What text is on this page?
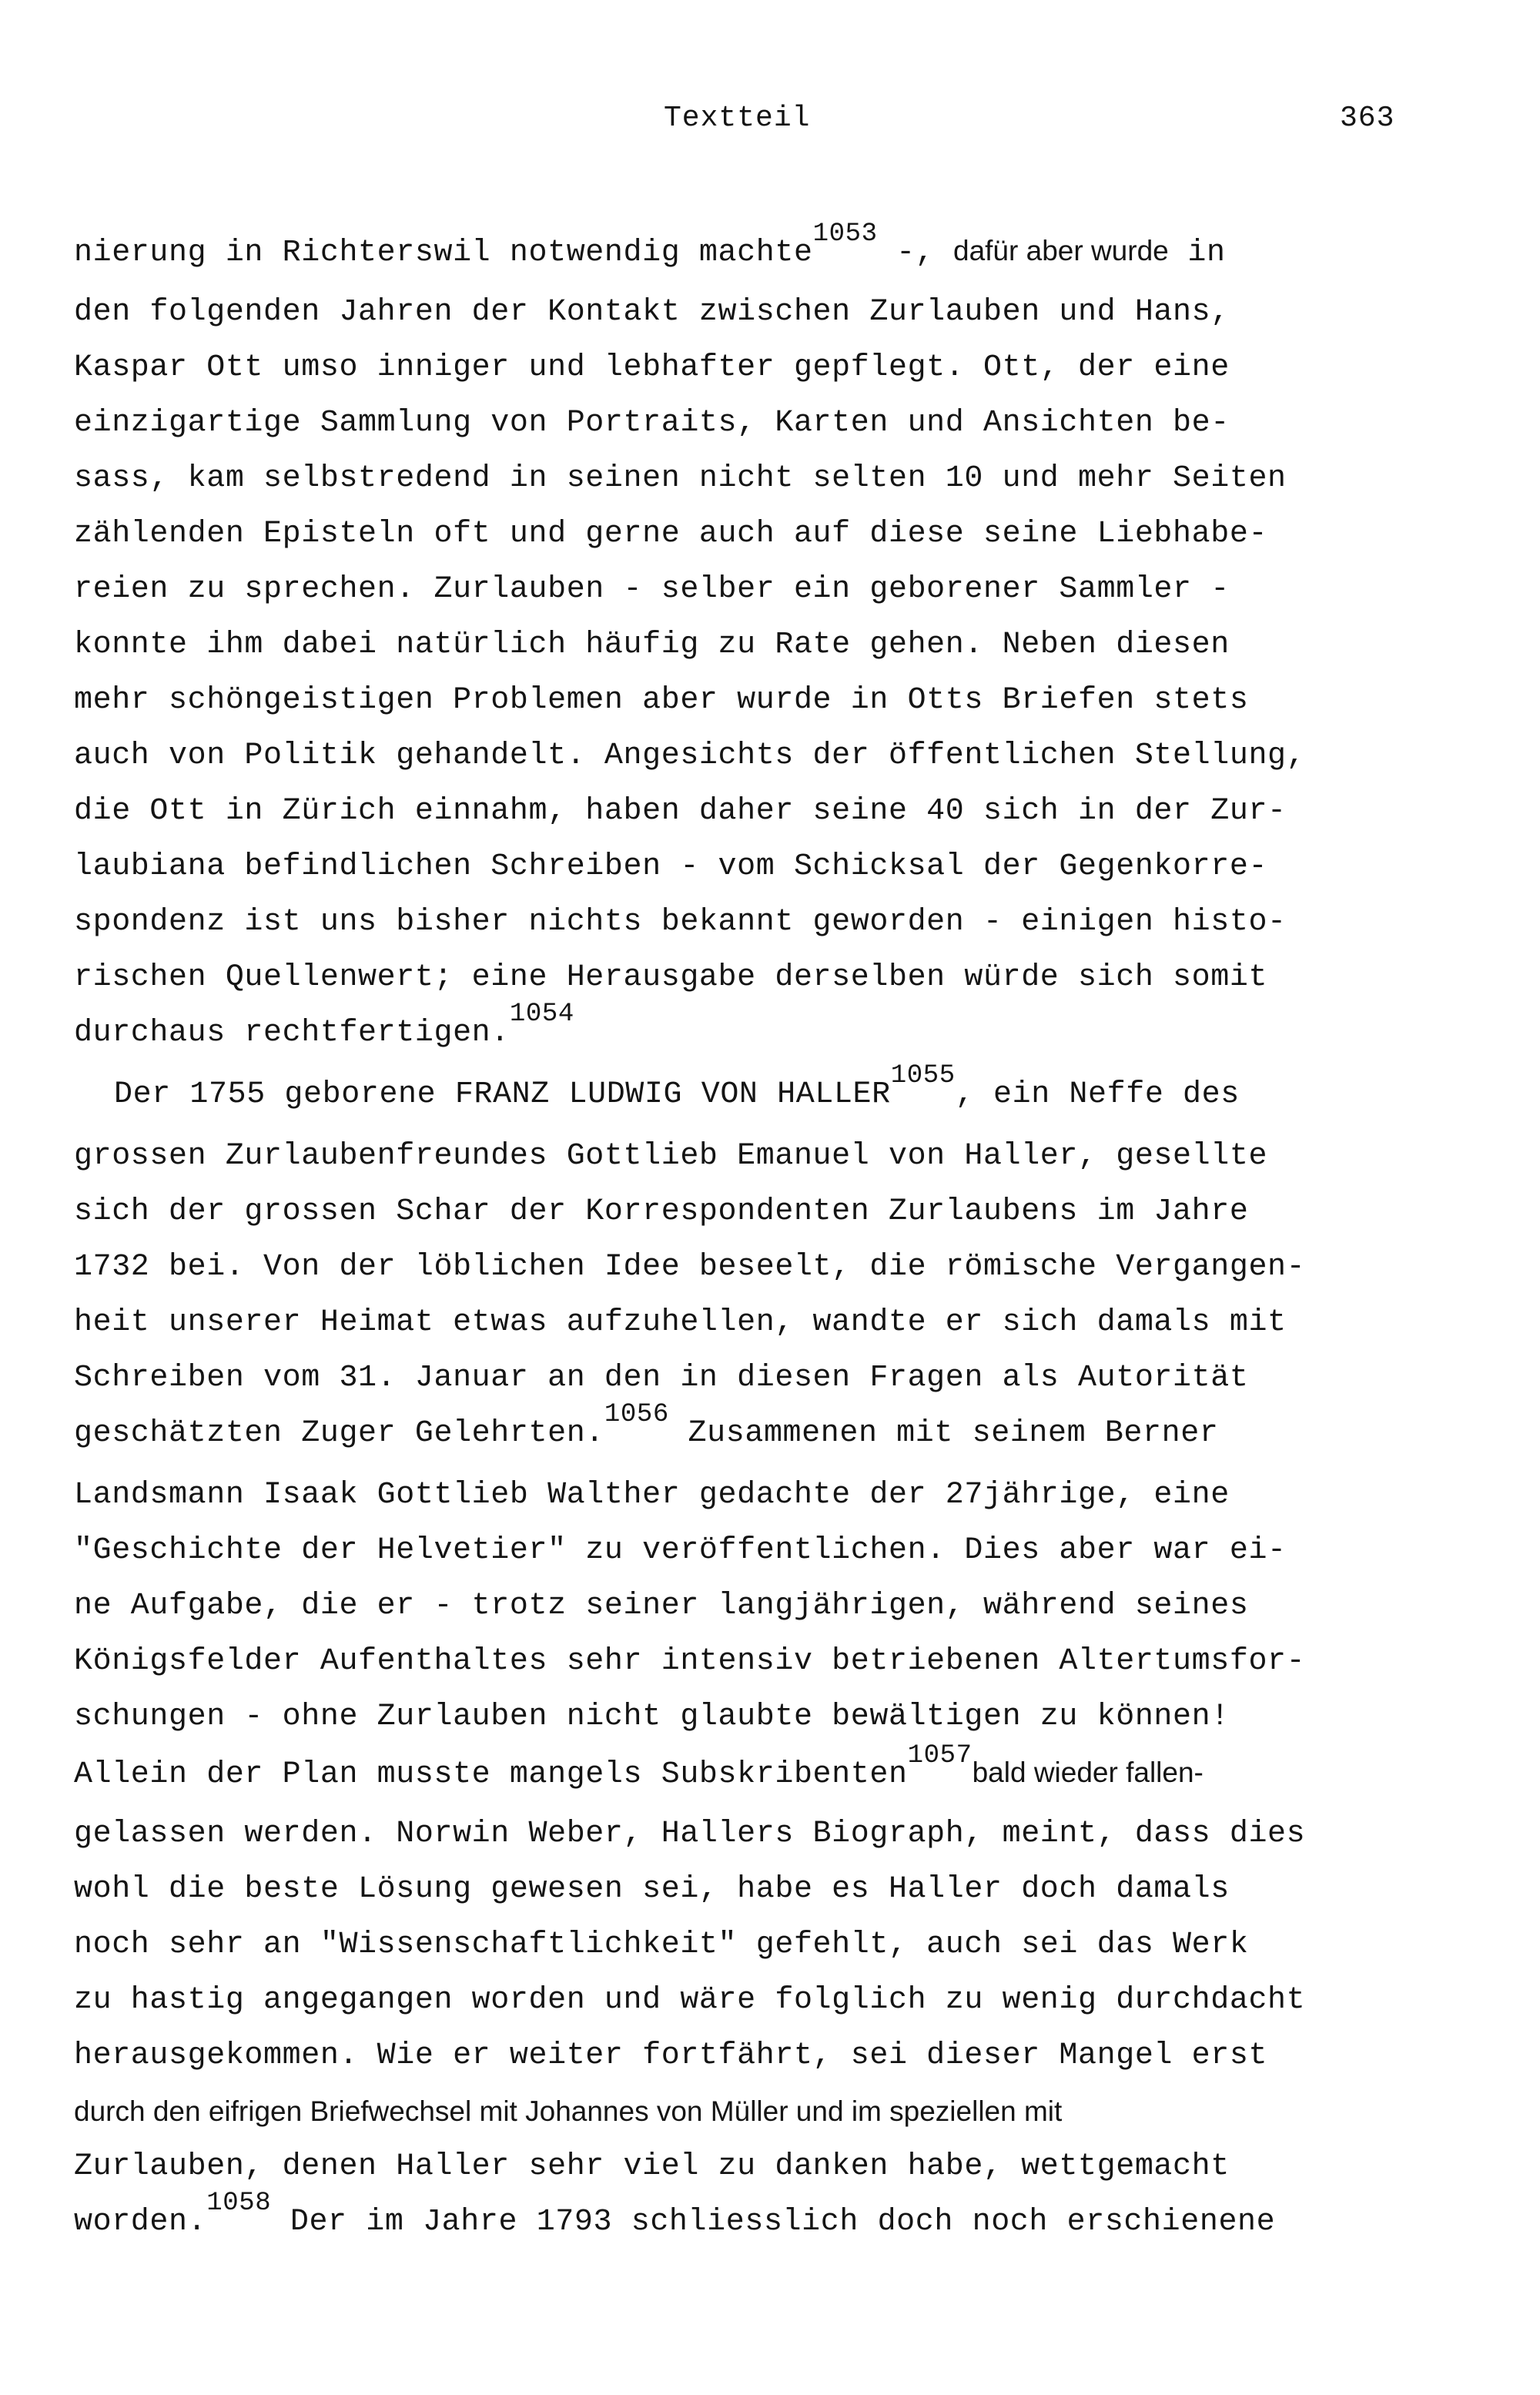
Textteil	363
nierung in Richterswil notwendig machte$^{1053}$ -, dafür aber wurde in
den folgenden Jahren der Kontakt zwischen Zurlauben und Hans,
Kaspar Ott umso inniger und lebhafter gepflegt. Ott, der eine
einzigartige Sammlung von Portraits, Karten und Ansichten be-
sass, kam selbstredend in seinen nicht selten 10 und mehr Seiten
zählenden Episteln oft und gerne auch auf diese seine Liebhabe-
reien zu sprechen. Zurlauben - selber ein geborener Sammler -
konnte ihm dabei natürlich häufig zu Rate gehen. Neben diesen
mehr schöngeistigen Problemen aber wurde in Otts Briefen stets
auch von Politik gehandelt. Angesichts der öffentlichen Stellung,
die Ott in Zürich einnahm, haben daher seine 40 sich in der Zur-
laubiana befindlichen Schreiben - vom Schicksal der Gegenkorre-
spondenz ist uns bisher nichts bekannt geworden - einigen histo-
rischen Quellenwert; eine Herausgabe derselben würde sich somit
durchaus rechtfertigen.$^{1054}$
Der 1755 geborene FRANZ LUDWIG VON $HALLER^{1055}$, ein Neffe des
grossen Zurlaubenfreundes Gottlieb Emanuel von Haller, gesellte
sich der grossen Schar der Korrespondenten Zurlaubens im Jahre
1732 bei. Von der löblichen Idee beseelt, die römische Vergangen-
heit unserer Heimat etwas aufzuhellen, wandte er sich damals mit
Schreiben vom 31. Januar an den in diesen Fragen als Autorität
geschätzten Zuger Gelehrten.$^{1056}$ Zusammenen mit seinem Berner
Landsmann Isaak Gottlieb Walther gedachte der 27jährige, eine
"Geschichte der Helvetier" zu veröffentlichen. Dies aber war ei-
ne Aufgabe, die er - trotz seiner langjährigen, während seines
Königsfelder Aufenthaltes sehr intensiv betriebenen Altertumsfor-
schungen - ohne Zurlauben nicht glaubte bewältigen zu können!
Allein der Plan musste mangels Subskribenten$^{1057}$bald wieder fallen-
gelassen werden. Norwin Weber, Hallers Biograph, meint, dass dies
wohl die beste Lösung gewesen sei, habe es Haller doch damals
noch sehr an "Wissenschaftlichkeit" gefehlt, auch sei das Werk
zu hastig angegangen worden und wäre folglich zu wenig durchdacht
herausgekommen. Wie er weiter fortfährt, sei dieser Mangel erst
durch den eifrigen Briefwechsel mit Johannes von Müller und im speziellen mit
Zurlauben, denen Haller sehr viel zu danken habe, wettgemacht
worden.$^{1058}$ Der im Jahre 1793 schliesslich doch noch erschienene
